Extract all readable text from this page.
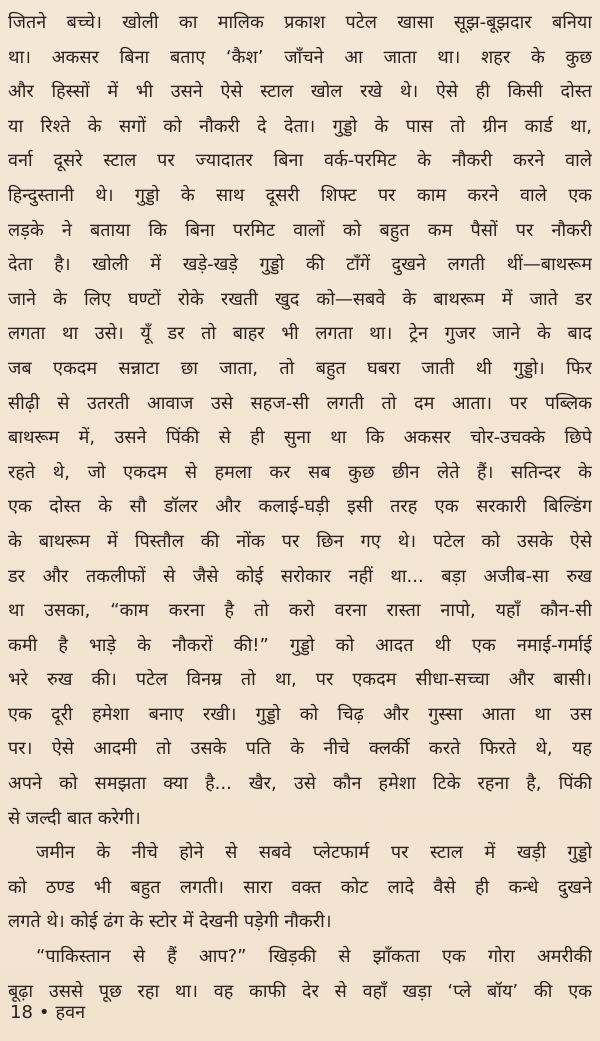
जितने बच्चे। खोली का मालिक प्रकाश पटेल खासा सूझ-बूझदार बनिया
था। अकसर बिना बताए ‘कैश’ जाँचने आ जाता था। शहर के कुछ
और हिस्सों में भी उसने ऐसे स्टाल खोल रखे थे। ऐसे ही किसी दोस्त
या रिश्ते के सगों को नौकरी दे देता। गुड्डो के पास तो ग्रीन कार्ड था,
वर्ना दूसरे स्टाल पर ज्यादातर बिना वर्क-परमिट के नौकरी करने वाले
हिन्दुस्तानी थे। गुड्डो के साथ दूसरी शिफ्ट पर काम करने वाले एक
लड़के ने बताया कि बिना परमिट वालों को बहुत कम पैसों पर नौकरी
देता है। खोली में खड़े-खड़े गुड्डो की टाँगें दुखने लगती थीं—बाथरूम
जाने के लिए घण्टों रोके रखती खुद को—सबवे के बाथरूम में जाते डर
लगता था उसे। यूँ डर तो बाहर भी लगता था। ट्रेन गुजर जाने के बाद
जब एकदम सन्नाटा छा जाता, तो बहुत घबरा जाती थी गुड्डो। फिर
सीढ़ी से उतरती आवाज उसे सहज-सी लगती तो दम आता। पर पब्लिक
बाथरूम में, उसने पिंकी से ही सुना था कि अकसर चोर-उचक्के छिपे
रहते थे, जो एकदम से हमला कर सब कुछ छीन लेते हैं। सतिन्दर के
एक दोस्त के सौ डॉलर और कलाई-घड़ी इसी तरह एक सरकारी बिल्डिंग
के बाथरूम में पिस्तौल की नोंक पर छिन गए थे। पटेल को उसके ऐसे
डर और तकलीफों से जैसे कोई सरोकार नहीं था... बड़ा अजीब-सा रुख
था उसका, “काम करना है तो करो वरना रास्ता नापो, यहाँ कौन-सी
कमी है भाड़े के नौकरों की!” गुड्डो को आदत थी एक नमाई-गर्माई
भरे रुख की। पटेल विनम्र तो था, पर एकदम सीधा-सच्चा और बासी।
एक दूरी हमेशा बनाए रखी। गुड्डो को चिढ़ और गुस्सा आता था उस
पर। ऐसे आदमी तो उसके पति के नीचे क्लर्की करते फिरते थे, यह
अपने को समझता क्या है... खैर, उसे कौन हमेशा टिके रहना है, पिंकी
से जल्दी बात करेगी।
जमीन के नीचे होने से सबवे प्लेटफार्म पर स्टाल में खड़ी गुड्डो
को ठण्ड भी बहुत लगती। सारा वक्त कोट लादे वैसे ही कन्धे दुखने
लगते थे। कोई ढंग के स्टोर में देखनी पड़ेगी नौकरी।
“पाकिस्तान से हैं आप?” खिड़की से झाँकता एक गोरा अमरीकी
बूढ़ा उससे पूछ रहा था। वह काफी देर से वहाँ खड़ा ‘प्ले बॉय’ की एक
18 • हवन
